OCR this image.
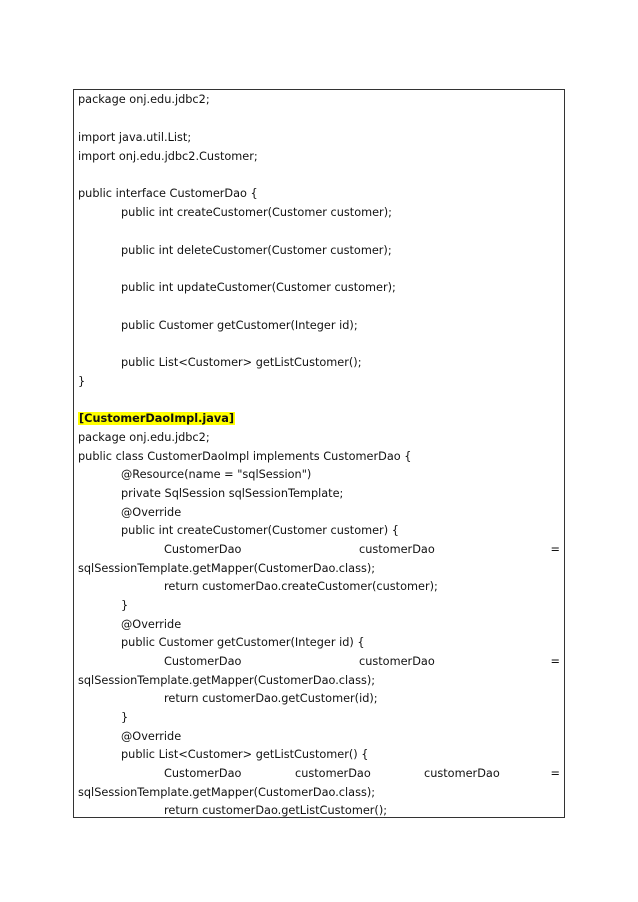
package onj.edu.jdbc2;
import java.util.List;
import onj.edu.jdbc2.Customer;
public interface CustomerDao {
public int createCustomer(Customer customer);
public int deleteCustomer(Customer customer);
public int updateCustomer(Customer customer);
public Customer getCustomer(Integer id);
public List<Customer> getListCustomer();
}
[CustomerDaoImpl.java]
package onj.edu.jdbc2;
public class CustomerDaoImpl implements CustomerDao {
@Resource(name = "sqlSession")
private SqlSession sqlSessionTemplate;
@Override
public int createCustomer(Customer customer) {
CustomerDao	customerDao	=
sqlSessionTemplate.getMapper(CustomerDao.class);
return customerDao.createCustomer(customer);
}
@Override
public Customer getCustomer(Integer id) {
CustomerDao	customerDao	=
sqlSessionTemplate.getMapper(CustomerDao.class);
return customerDao.getCustomer(id);
}
@Override
public List<Customer> getListCustomer() {
CustomerDao	customerDao	customerDao	=
sqlSessionTemplate.getMapper(CustomerDao.class);
return customerDao.getListCustomer();
